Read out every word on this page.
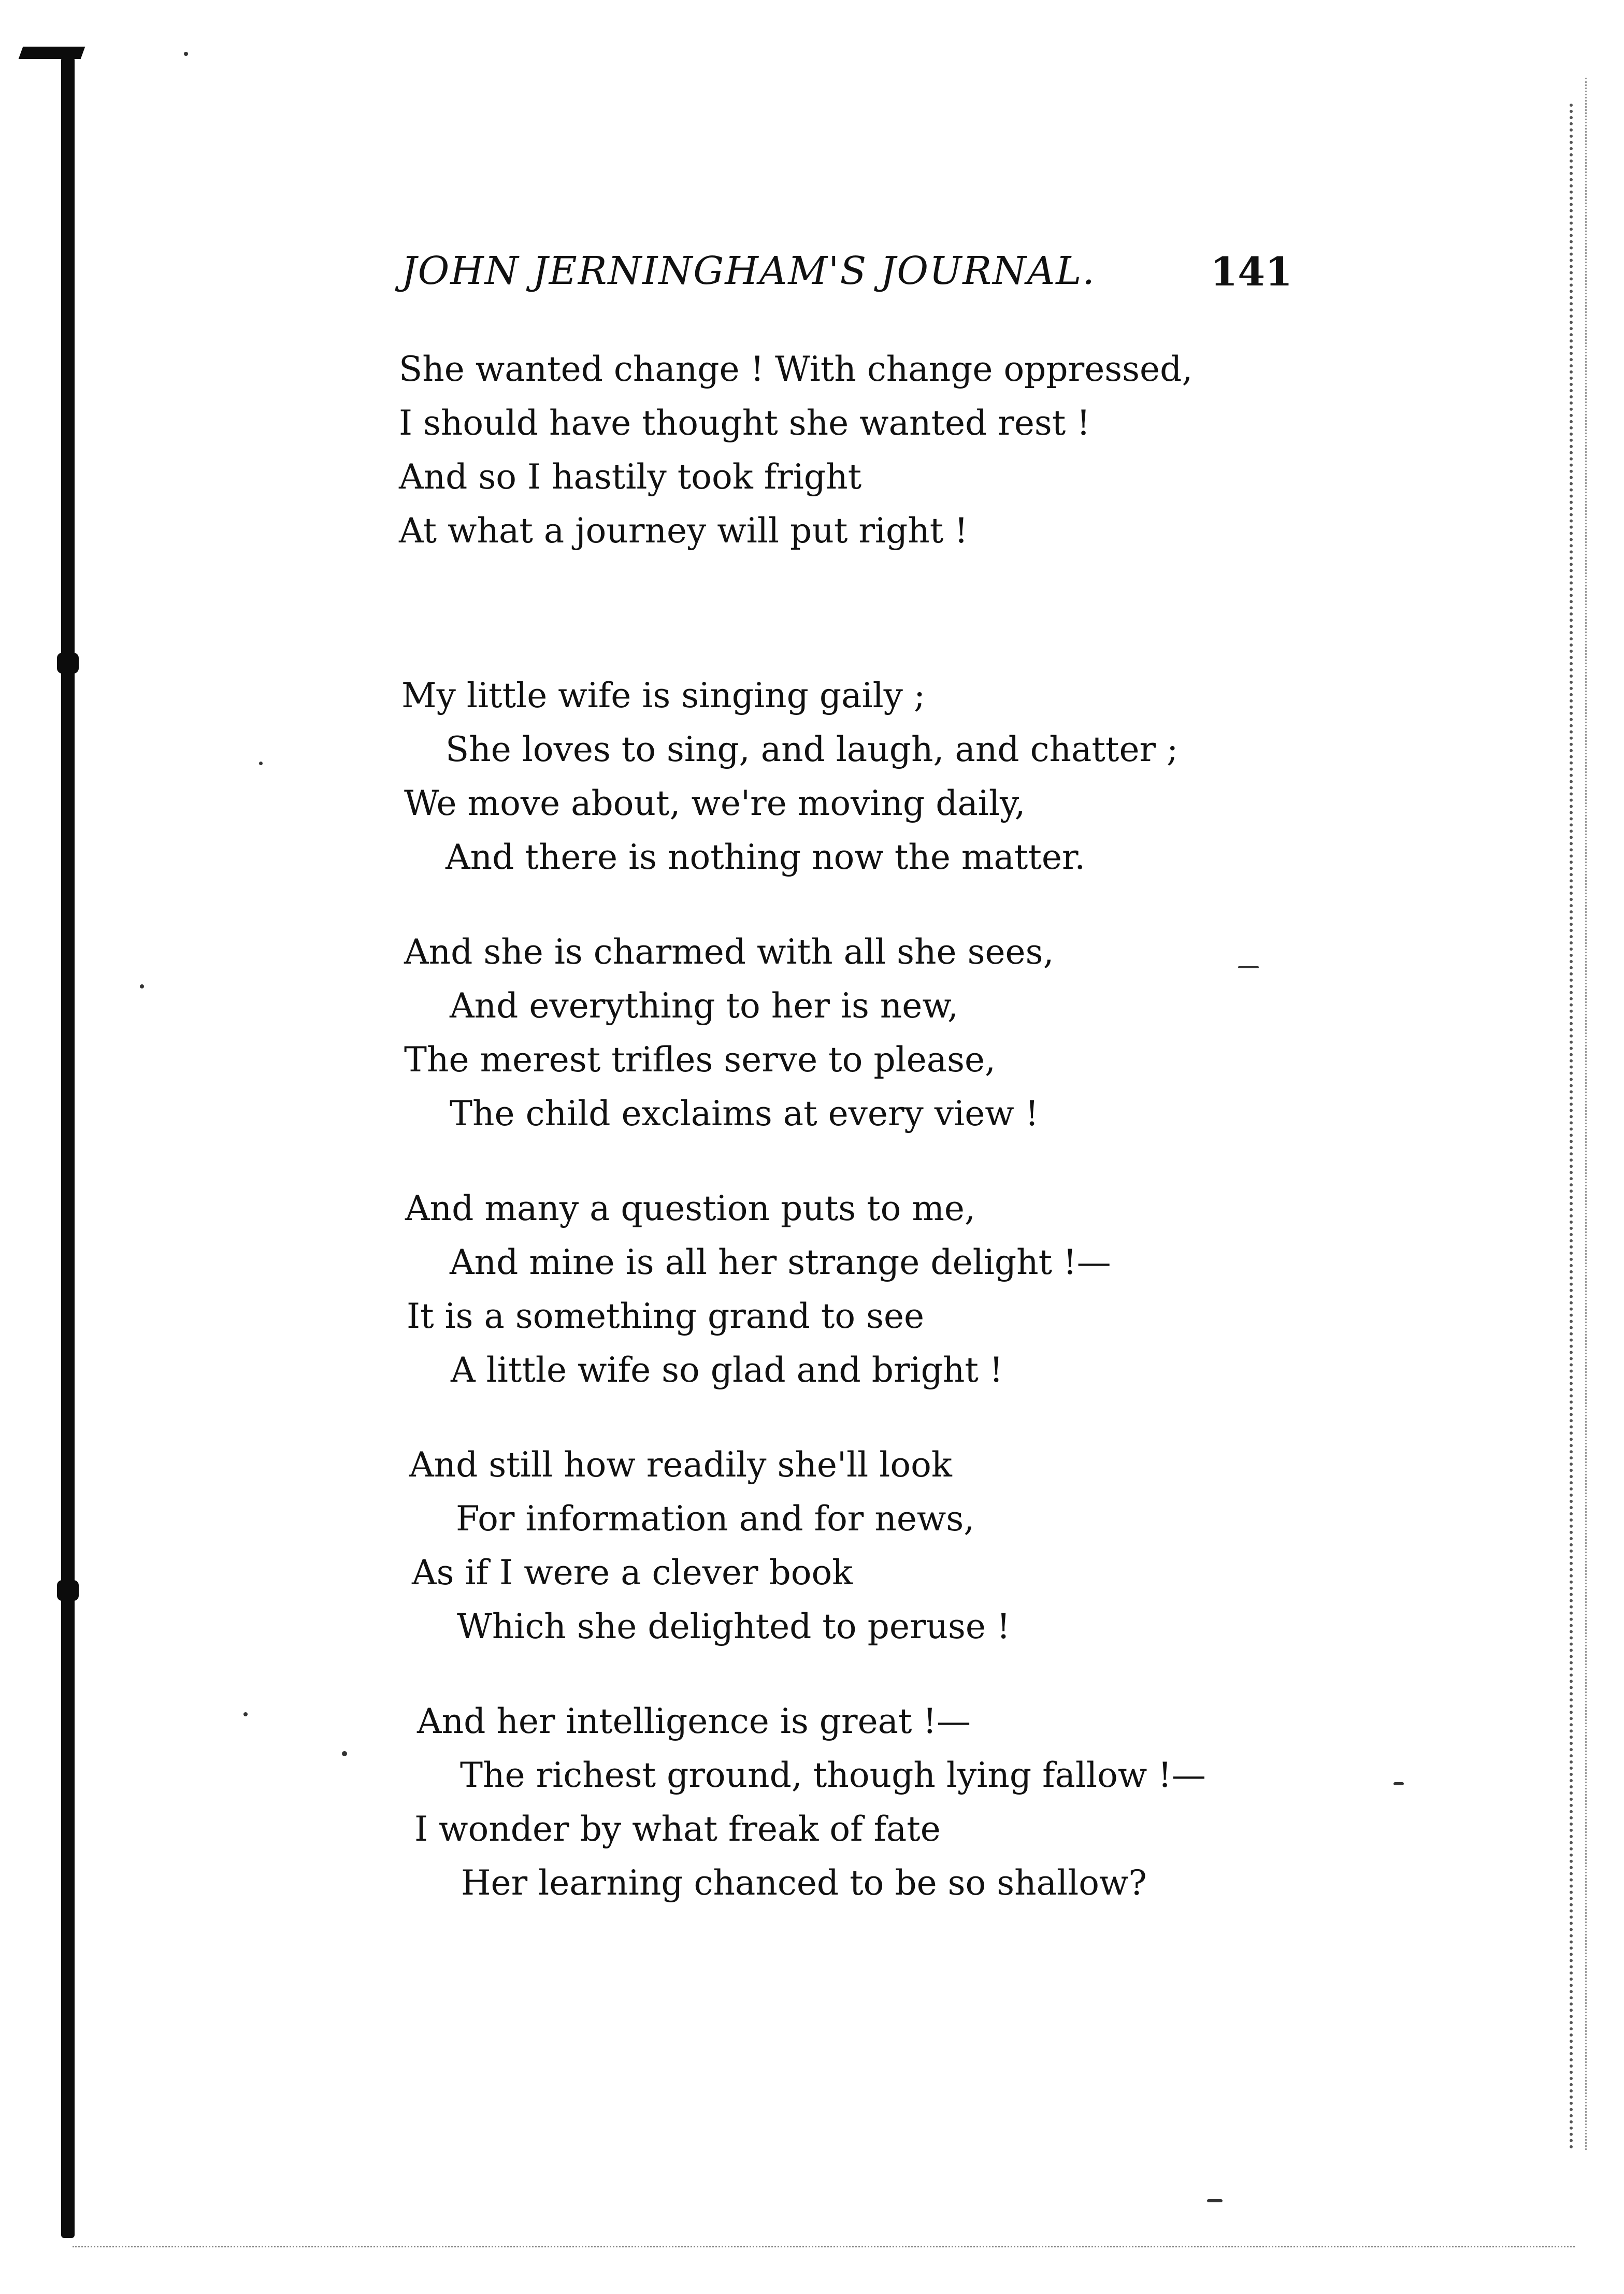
JOHN JERNINGHAM'S JOURNAL.	141
She wanted change ! With change oppressed,
I should have thought she wanted rest !
And so I hastily took fright
At what a journey will put right !
My little wife is singing gaily ;
She loves to sing, and laugh, and chatter ;
We move about, we're moving daily,
And there is nothing now the matter.
And she is charmed with all she sees,
And everything to her is new,
The merest trifles serve to please,
The child exclaims at every view !
And many a question puts to me,
And mine is all her strange delight !—
It is a something grand to see
A little wife so glad and bright !
And still how readily she'll look
For information and for news,
As if I were a clever book
Which she delighted to peruse !
And her intelligence is great !—
The richest ground, though lying fallow !—
I wonder by what freak of fate
Her learning chanced to be so shallow?
